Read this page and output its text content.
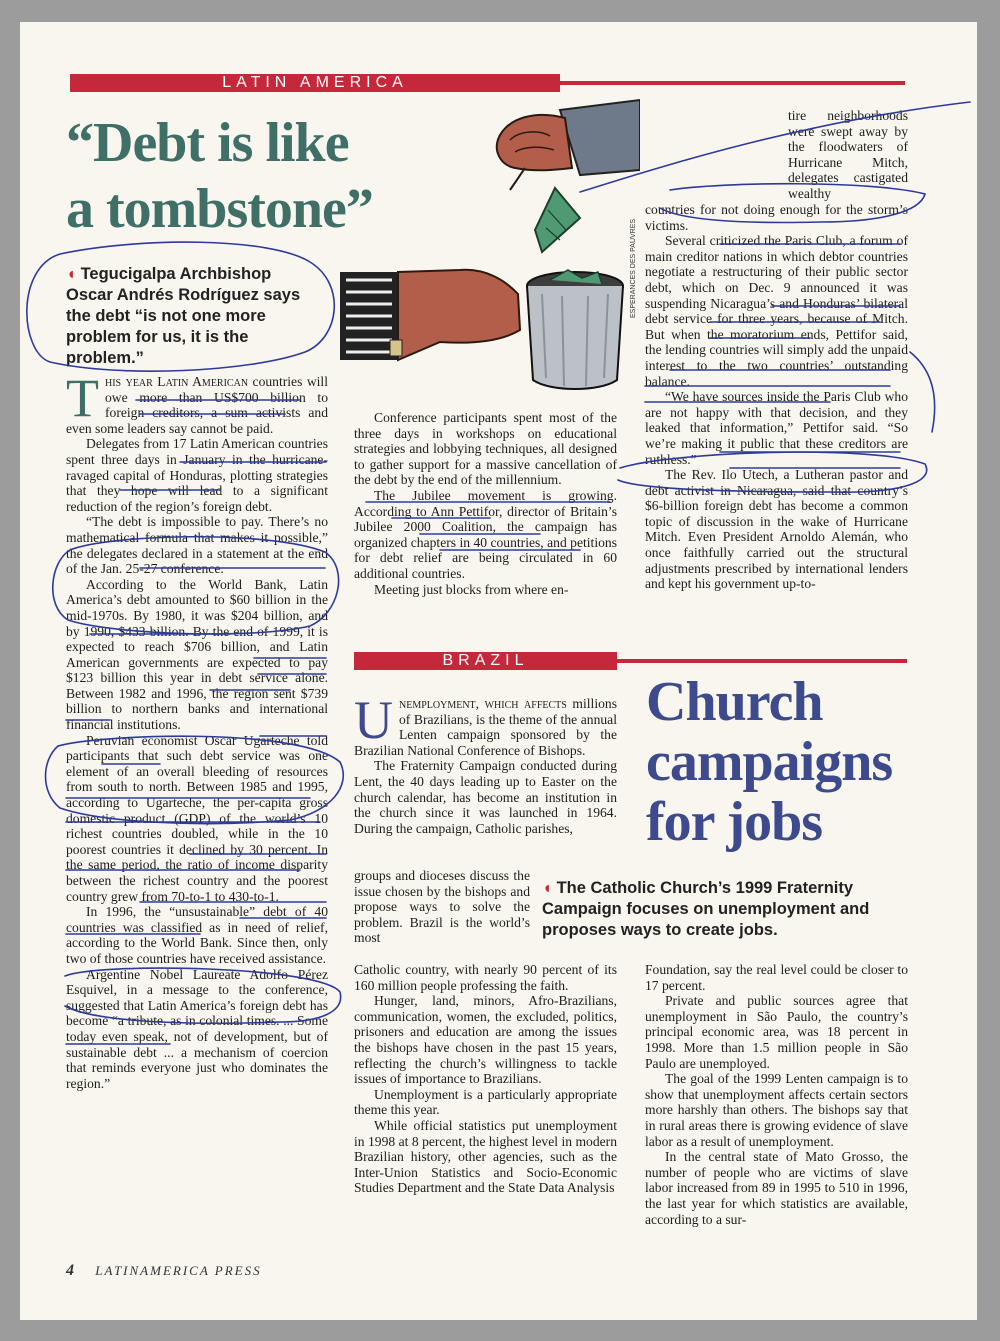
LATIN AMERICA
“Debt is like
a tombstone”
◖ Tegucigalpa Archbishop Oscar Andrés Rodríguez says the debt “is not one more problem for us, it is the problem.”
ESPERANCES DES PAUVRES

This year Latin American countries will owe more than US$700 billion to foreign creditors, a sum activists and even some leaders say cannot be paid.

Delegates from 17 Latin American countries spent three days in January in the hurricane-ravaged capital of Honduras, plotting strategies that they hope will lead to a significant reduction of the region’s foreign debt.

“The debt is impossible to pay. There’s no mathematical formula that makes it possible,” the delegates declared in a statement at the end of the Jan. 25-27 conference.

According to the World Bank, Latin America’s debt amounted to $60 billion in the mid-1970s. By 1980, it was $204 billion, and by 1990, $433 billion. By the end of 1999, it is expected to reach $706 billion, and Latin American governments are expected to pay $123 billion this year in debt service alone. Between 1982 and 1996, the region sent $739 billion to northern banks and international financial institutions.

Peruvian economist Oscar Ugarteche told participants that such debt service was one element of an overall bleeding of resources from south to north. Between 1985 and 1995, according to Ugarteche, the per-capita gross domestic product (GDP) of the world’s 10 richest countries doubled, while in the 10 poorest countries it declined by 30 percent. In the same period, the ratio of income disparity between the richest country and the poorest country grew from 70-to-1 to 430-to-1.

In 1996, the “unsustainable” debt of 40 countries was classified as in need of relief, according to the World Bank. Since then, only two of those countries have received assistance.

Argentine Nobel Laureate Adolfo Pérez Esquivel, in a message to the conference, suggested that Latin America’s foreign debt has become “a tribute, as in colonial times. ... Some today even speak, not of development, but of sustainable debt ... a mechanism of coercion that reminds everyone just who dominates the region.”

Conference participants spent most of the three days in workshops on educational strategies and lobbying techniques, all designed to gather support for a massive cancellation of the debt by the end of the millennium.

The Jubilee movement is growing. According to Ann Pettifor, director of Britain’s Jubilee 2000 Coalition, the campaign has organized chapters in 40 countries, and petitions for debt relief are being circulated in 60 additional countries.

Meeting just blocks from where en-

tire neighborhoods were swept away by the floodwaters of Hurricane Mitch, delegates castigated wealthy

countries for not doing enough for the storm’s victims.

Several criticized the Paris Club, a forum of main creditor nations in which debtor countries negotiate a restructuring of their public sector debt, which on Dec. 9 announced it was suspending Nicaragua’s and Honduras’ bilateral debt service for three years, because of Mitch. But when the moratorium ends, Pettifor said, the lending countries will simply add the unpaid interest to the two countries’ outstanding balance.

“We have sources inside the Paris Club who are not happy with that decision, and they leaked that information,” Pettifor said. “So we’re making it public that these creditors are ruthless.”

The Rev. Ilo Utech, a Lutheran pastor and debt activist in Nicaragua, said that country’s $6-billion foreign debt has become a common topic of discussion in the wake of Hurricane Mitch. Even President Arnoldo Alemán, who once faithfully carried out the structural adjustments prescribed by international lenders and kept his government up-to-

BRAZIL
Church
campaigns
for jobs
◖ The Catholic Church’s 1999 Fraternity Campaign focuses on unemployment and proposes ways to create jobs.

Unemployment, which affects millions of Brazilians, is the theme of the annual Lenten campaign sponsored by the Brazilian National Conference of Bishops.

The Fraternity Campaign conducted during Lent, the 40 days leading up to Easter on the church calendar, has become an institution in the church since it was launched in 1964. During the campaign, Catholic parishes,

groups and dioceses discuss the issue chosen by the bishops and propose ways to solve the problem. Brazil is the world’s most

Catholic country, with nearly 90 percent of its 160 million people professing the faith.

Hunger, land, minors, Afro-Brazilians, communication, women, the excluded, politics, prisoners and education are among the issues the bishops have chosen in the past 15 years, reflecting the church’s willingness to tackle issues of importance to Brazilians.

Unemployment is a particularly appropriate theme this year.

While official statistics put unemployment in 1998 at 8 percent, the highest level in modern Brazilian history, other agencies, such as the Inter-Union Statistics and Socio-Economic Studies Department and the State Data Analysis

Foundation, say the real level could be closer to 17 percent.

Private and public sources agree that unemployment in São Paulo, the country’s principal economic area, was 18 percent in 1998. More than 1.5 million people in São Paulo are unemployed.

The goal of the 1999 Lenten campaign is to show that unemployment affects certain sectors more harshly than others. The bishops say that in rural areas there is growing evidence of slave labor as a result of unemployment.

In the central state of Mato Grosso, the number of people who are victims of slave labor increased from 89 in 1995 to 510 in 1996, the last year for which statistics are available, according to a sur-

4 LATINAMERICA PRESS
